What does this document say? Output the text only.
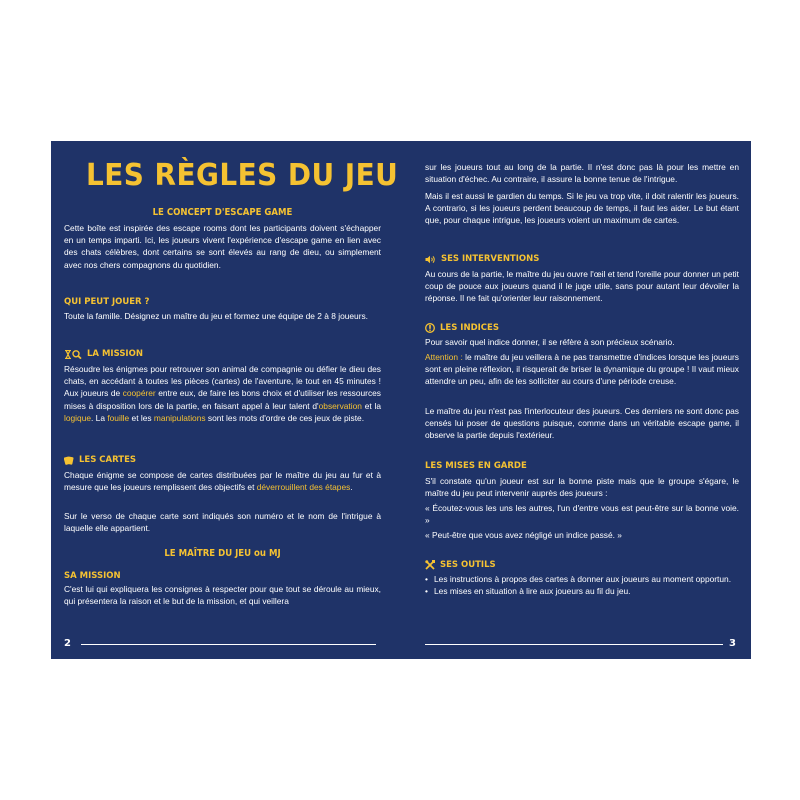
LES RÈGLES DU JEU
LE CONCEPT D'ESCAPE GAME

Cette boîte est inspirée des escape rooms dont les participants doivent s'échapper en un temps imparti. Ici, les joueurs vivent l'expérience d'escape game en lien avec des chats célèbres, dont certains se sont élevés au rang de dieu, ou simplement avec nos chers compagnons du quotidien.

QUI PEUT JOUER ?

Toute la famille. Désignez un maître du jeu et formez une équipe de 2 à 8 joueurs.

LA MISSION

Résoudre les énigmes pour retrouver son animal de compagnie ou défier le dieu des chats, en accédant à toutes les pièces (cartes) de l'aventure, le tout en 45 minutes ! Aux joueurs de coopérer entre eux, de faire les bons choix et d'utiliser les ressources mises à disposition lors de la partie, en faisant appel à leur talent d'observation et la logique. La fouille et les manipulations sont les mots d'ordre de ces jeux de piste.

LES CARTES

Chaque énigme se compose de cartes distribuées par le maître du jeu au fur et à mesure que les joueurs remplissent des objectifs et déverrouillent des étapes.

Sur le verso de chaque carte sont indiqués son numéro et le nom de l'intrigue à laquelle elle appartient.

LE MAÎTRE DU JEU ou MJ
SA MISSION

C'est lui qui expliquera les consignes à respecter pour que tout se déroule au mieux, qui présentera la raison et le but de la mission, et qui veillera

sur les joueurs tout au long de la partie. Il n'est donc pas là pour les mettre en situation d'échec. Au contraire, il assure la bonne tenue de l'intrigue.

Mais il est aussi le gardien du temps. Si le jeu va trop vite, il doit ralentir les joueurs. A contrario, si les joueurs perdent beaucoup de temps, il faut les aider. Le but étant que, pour chaque intrigue, les joueurs voient un maximum de cartes.

SES INTERVENTIONS

Au cours de la partie, le maître du jeu ouvre l'œil et tend l'oreille pour donner un petit coup de pouce aux joueurs quand il le juge utile, sans pour autant leur dévoiler la réponse. Il ne fait qu'orienter leur raisonnement.

LES INDICES

Pour savoir quel indice donner, il se réfère à son précieux scénario.

Attention : le maître du jeu veillera à ne pas transmettre d'indices lorsque les joueurs sont en pleine réflexion, il risquerait de briser la dynamique du groupe ! Il vaut mieux attendre un peu, afin de les solliciter au cours d'une période creuse.

Le maître du jeu n'est pas l'interlocuteur des joueurs. Ces derniers ne sont donc pas censés lui poser de questions puisque, comme dans un véritable escape game, il observe la partie depuis l'extérieur.

LES MISES EN GARDE

S'il constate qu'un joueur est sur la bonne piste mais que le groupe s'égare, le maître du jeu peut intervenir auprès des joueurs :

« Écoutez-vous les uns les autres, l'un d'entre vous est peut-être sur la bonne voie. »

« Peut-être que vous avez négligé un indice passé. »

SES OUTILS
• Les instructions à propos des cartes à donner aux joueurs au moment opportun.
• Les mises en situation à lire aux joueurs au fil du jeu.
2	3
